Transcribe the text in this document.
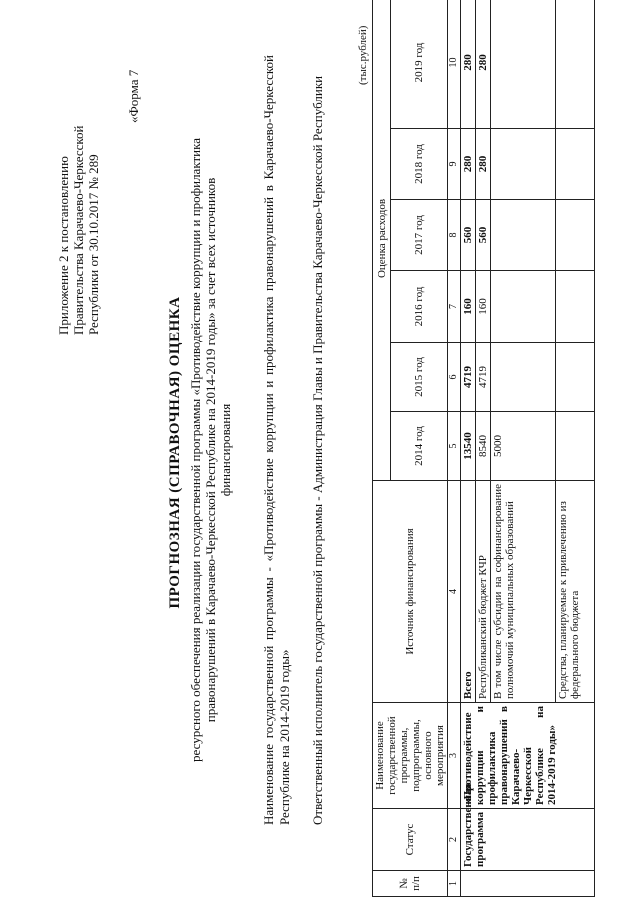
Приложение 2 к постановлению Правительства Карачаево-Черкесской Республики от 30.10.2017 № 289
«Форма 7
ПРОГНОЗНАЯ (СПРАВОЧНАЯ) ОЦЕНКА ресурсного обеспечения реализации государственной программы «Противодействие коррупции и профилактика правонарушений в Карачаево-Черкесской Республике на 2014-2019 годы» за счет всех источников финансирования Наименование государственной программы - «Противодействие коррупции и профилактика правонарушений в Карачаево-Черкесской Республике на 2014-2019 годы» Ответственный исполнитель государственной программы - Администрация Главы и Правительства Карачаево-Черкесской Республики
(тыс.рублей)
№ п/п	Статус	Наименование государственной программы, подпрограммы, основного мероприятия	Источник финансирования	Оценка расходов					
				2014 год	2015 год	2016 год	2017 год	2018 год	2019 год
1	2	3	4	5	6	7	8	9	10
	Государственная программа	«Противодействие коррупции и профилактика правонарушений в Карачаево-Черкесской Республике на 2014-2019 годы»	Всего	13540	4719	160	560	280	280
			Республиканский бюджет КЧР	8540	4719	160	560	280	280
			В том числе субсидии на софинансирование полномочий муниципальных образований	5000					
			Средства, планируемые к привлечению из федерального бюджета						
